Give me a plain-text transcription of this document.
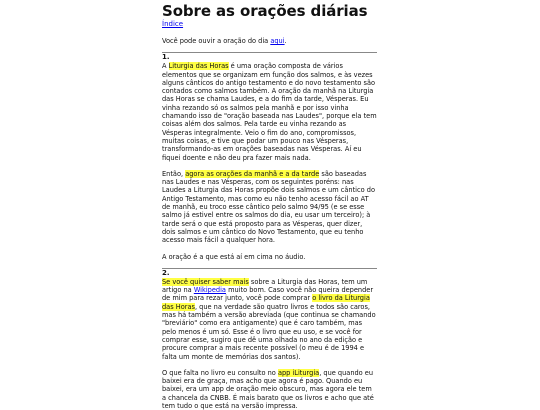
Sobre as orações diárias
Índice

Você pode ouvir a oração do dia aqui.

1.

A Liturgia das Horas é uma oração composta de vários elementos que se organizam em função dos salmos, e às vezes alguns cânticos do antigo testamento e do novo testamento são contados como salmos também. A oração da manhã na Liturgia das Horas se chama Laudes, e a do fim da tarde, Vésperas. Eu vinha rezando só os salmos pela manhã e por isso vinha chamando isso de "oração baseada nas Laudes", porque ela tem coisas além dos salmos. Pela tarde eu vinha rezando as Vésperas integralmente. Veio o fim do ano, compromissos, muitas coisas, e tive que podar um pouco nas Vésperas, transformando-as em orações baseadas nas Vésperas. Aí eu fiquei doente e não deu pra fazer mais nada.

Então, agora as orações da manhã e a da tarde são baseadas nas Laudes e nas Vésperas, com os seguintes poréns: nas Laudes a Liturgia das Horas propõe dois salmos e um cântico do Antigo Testamento, mas como eu não tenho acesso fácil ao AT de manhã, eu troco esse cântico pelo salmo 94/95 (e se esse salmo já estivel entre os salmos do dia, eu usar um terceiro); à tarde será o que está proposto para as Vésperas, quer dizer, dois salmos e um cântico do Novo Testamento, que eu tenho acesso mais fácil a qualquer hora.

A oração é a que está aí em cima no áudio.

2.

Se você quiser saber mais sobre a Liturgia das Horas, tem um artigo na Wikipedia muito bom. Caso você não queira depender de mim para rezar junto, você pode comprar o livro da Liturgia das Horas, que na verdade são quatro livros e todos são caros, mas há também a versão abreviada (que continua se chamando "breviário" como era antigamente) que é caro também, mas pelo menos é um só. Esse é o livro que eu uso, e se você for comprar esse, sugiro que dê uma olhada no ano da edição e procure comprar a mais recente possível (o meu é de 1994 e falta um monte de memórias dos santos).

O que falta no livro eu consulto no app iLiturgia, que quando eu baixei era de graça, mas acho que agora é pago. Quando eu baixei, era um app de oração meio obscuro, mas agora ele tem a chancela da CNBB. É mais barato que os livros e acho que até tem tudo o que está na versão impressa.
